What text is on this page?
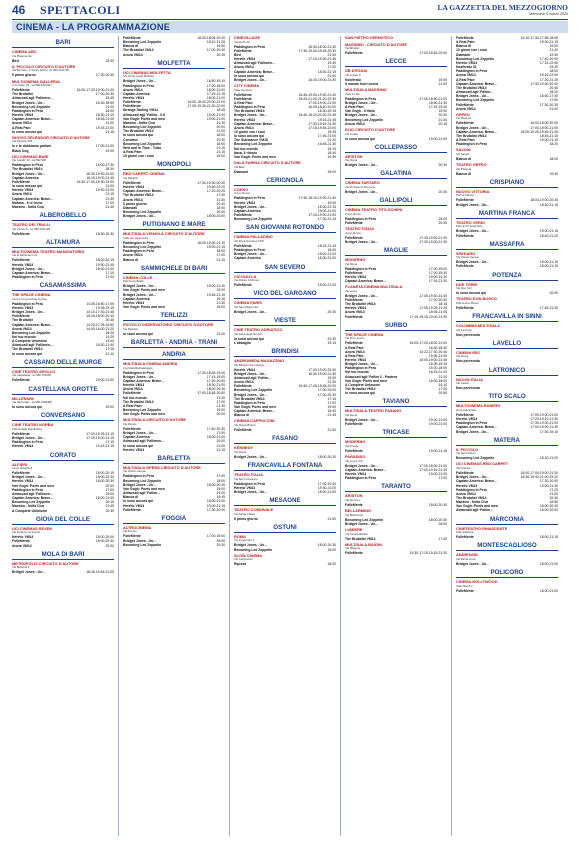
46 SPETTACOLI	LA GAZZETTA DEL MEZZOGIORNO
Mercoledì 5 marzo 2025
CINEMA - LA PROGRAMMAZIONE
BARI
CINEMA ABC
Via Pitagora 4/e
Bird	18:30
IL PICCOLO CIRCUITO D'AUTORE
Via Bozzano, 6 Santo Spirito, tel 080.4311700
Il primo giorno	17:30-20:30
MULTICINEMA GALLERIA
C.so Italia, 15 - tel 080.5241427
FolleMente	16:00-17:30-19:00-21:00
The Brutalist	17:00-20:30
Attraccati agli 'Fallimen...	15:45
Bridget Jones - Un...	16:30-18:55
Becoming Led Zeppelin	21:00
Paddington in Perù	16:00
Heretic VM14	18:30-21:10
Captain America: Brave...	18:45-21:05
Anora VM14	21:00
A Real Pain	19:15-21:00
Io sono ancora qui	21:15
NUOVO SPLENDOR CIRCUITO D'AUTORE
Via Pasubio 186
Io e te dobbiamo parlare	17:00-21:00
Black Dog	19:00
UCI CINEMAS BARI
Via Gandhi 19 - tel 892.960
Paddington in Perù	16:00-17:30
The Brutalist VM14	18:30
Bridget Jones - Un...	16:30-19:30-22:00
Captain America	16:15-19:00-21:45
FolleMente	16:30-17:00-19:30-22:00
Io sono ancora qui	21:00
Heretic VM14	19:30-22:00
Anora VM14	21:15
Captain America: Brave...	21:30
Mufasa - Il re leone	17:00
Maestro - Nella Clue	21:45
ALBEROBELLO
TEATRO DEI TRULLI
Via Veneto 6 - tel 080.4321190
FolleMente	18:30-20:30
ALTAMURA
MULTICINEMA TEATRO MANGIATORDI
Via di Santeramo 15
FolleMente	18:00-20:15
Heretic VM14	19:30-21:45
Bridget Jones - Un...	18:30-21:00
Captain America: Brave...	17:15
Paddington in Perù	17:00
CASAMASSIMA
THE SPACE CINEMA
Centro commerciale Auchan
Paddington in Perù	14:35-16:50-17:05
Heretic VM14	19:35-22:15
Bridget Jones - Un...	14:10-17:30-21:45
FolleMente	15:15-18:00-20:40
The Brutalist	20:45
Captain America: Brave...	14:20-17:25-19:50
Anora VM14	14:00-16:00-21:20
Becoming Led Zeppelin	18:25
Nel tuo mondo	14:25
A Complete Unknown	14:00
Attraccati agli 'Fallimen...	18:30-21:40
The Brutalist VM14	17:15
Io sono ancora qui	21:10
CASSANO DELLE MURGE
CINE TEATRO APOLLO
Via Castellana - tel 080.764356
FolleMente	19:00-21:00
CASTELLANA GROTTE
MILLENIUM
Via Nazionale - tel 080.4968486
Io sono ancora qui	20:00
CONVERSANO
CINE TEATRO NORBA
Piazza della Repubblica
FolleMente	17:00-19:25-21:15
Bridget Jones - Un...	17:15-19:00-21:15
Paddington in Perù	17:15
Heretic VM14	19:15-21:15
CORATO
ALFIERI
Largo Abbazia 8
FolleMente	18:00-20:15
Bridget Jones - Un...	18:00-22:30
Heretic VM14	18:00-20:30
Van Gogh: Poets and men	20:00
Paddington in Perù	17:00
Attraccati agli 'Fallimen...	19:00
Captain America: Brave...	18:00-21:00
Becoming Led Zeppelin	20:15
Maestro - Nella Clue	21:45
A Complete Unknown	20:30
GIOIA DEL COLLE
UCI CINEMAS SEVEN
Via Federico di Svevia
Heretic VM14	18:00-20:00
FolleMente	18:00-20:30
Anora VM14	20:00
MOLA DI BARI
METROPOLIS CIRCUITO D'AUTORE
Via Baracca 8
Bridget Jones - Un...	18:45-19:45-21:05
FolleMente	16:30-18:05-20:40
Becoming Led Zeppelin	18:10-21:05
Bianca dl	19:50
The Brutalist VM14	17:00-20:40
Anora VM14	20:15
MOLFETTA
UCI CINEMAS MOLFETTA
SS 16 bis uscita Molfetta
Bridget Jones - Un...	16:50-19:15
Paddington in Perù	17:00-18:00
Anora VM14	18:00-21:00
Captain America	17:15-21:15
Heretic VM14	18:00-21:00
FolleMente	16:00-18:00-20:00-22:00
FolleMente	17:00-19:30-21:30-22:00
Strange Darling VM14	18:45
Attraccati agli 'Fallim.. V.O	19:00-21:00
Van Gogh: Poets and men	19:00-21:00
Maestro - Nella Clue	21:30
Becoming Led Zeppelin	20:00
The Brutalist VM14	21:00
Io sono ancora qui	18:00
Conclave	20:30
Becoming Led Zeppelin	18:00
Wed and in Time - Tutto	21:15
A Real Pain	21:15
10 giorni con i suoi	19:00
MONOPOLI
RED CARPET CINEMA
Via Rattazzi
FolleMente	17:30-19:30-20:30
Heretic VM14	19:40-22:20
Captain America: Brave...	17:10-20:25
The Brutalist VM14	17:40
Anora VM14	21:30
Il primo giorno	20:40
Diamanti	18:00
Becoming Led Zeppelin	20:00
Bridget Jones - Un...	18:00-20:00
PUTIGNANO E MARE
MULTISALA VIGNOLA CIRCUITO D'AUTORE
Viale dei Cappuccini
Paddington in Perù	18:00-19:30-21:15
Becoming Led Zeppelin	19:00-21:15
Paddington in Perù	18:00
Anora VM14	17:00
Bianca dl	21:15
SAMMICHELE DI BARI
CINEMA COLLE
Piazza Garibaldi
Bridget Jones - Un...	19:00-21:30
Van Gogh: Poets and men	19:00
Bridget Jones - Un...	19:45-21:15
Captain America	19:15
Heretic VM14	21:30
Van Gogh: Poets and men	19:00
TERLIZZI
PICCOLO OSSERVATORIO CIRCUITO D'AUTORE
Via Pasubio
Io sono ancora qui	21:00
BARLETTA - ANDRIA - TRANI
ANDRIA
MULTISALA CINEMA ANDRIA
Contrada Barbadangelo
Paddington in Perù	17:30-18:45-19:00
Bridget Jones - Un...	17:15-19:00
Captain America: Brave...	17:30-20:00
Heretic VM14	18:30-21:00
Anora VM14	18:00-20:30
FolleMente	17:00-18:45-20:00
Nel tuo mondo	17:30
The Brutalist VM14	17:00
A Real Pain	21:30
Becoming Led Zeppelin	19:00
Van Gogh: Poets and men	20:00
MULTISALA CIRCUITO D'AUTORE
Via Rovigo
FolleMente	17:40-20:30
Bridget Jones - Un...	17:00
Captain America	18:00-21:00
Attraccati agli 'Fallimen...	20:00
Io sono ancora qui	21:00
Heretic VM14	21:15
BARLETTA
MULTISALA OPERA CIRCUITO D'AUTORE
Via Vittorio Veneto
Paddington in Perù	17:00
Becoming Led Zeppelin	18:00
Bridget Jones - Un...	18:00-20:30
Van Gogh: Poets and men	19:00
Attraccati agli 'Fallim...	21:00
Bianca dl	19:45
Io sono ancora qui	18:30-21:00
Heretic VM14	19:00-21:15
FolleMente	17:30-20:00
FOGGIA
ALTROCINEMA
Via Duomo
FolleMente	17:00-19:00
Bridget Jones - Un...	18:00
Becoming Led Zeppelin	20:30
CINEVILLAGE
Via del Porto
Paddington in Perù	16:30-18:30-21:30
FolleMente	17:30-19:40-19:45-20:30
Bird	21:30
Heretic VM14	17:15-19:30-21:45
Attraccati agli 'Fallimen...	19:30
Anora VM14	17:00
Captain America: Brave...	18:30-21:15
Io sono ancora qui	21:00
Bridget Jones - Un...	16:30-19:00-21:30
CITY CINEMA
Viale Kennedy
FolleMente	16:45-19:00-19:30-21:40
FolleMente	18:20-21:00-21:20-22:30
A Real Pain	17:00-19:00-21:00
Paddington in Perù	16:30-18:40-20:00
The Brutalist VM14	16:30-20:15
Bridget Jones - Un...	16:40-18:10-20:20-21:45
Heretic VM14	19:15-21:45
Captain America: Brave...	17:30-19:15-21:30
Anora VM14	17:15-19:45-22:00
10 giorni con i suoi	19:45
Io sono ancora qui	17:45-21:00
The Substance VM18	21:20
Becoming Led Zeppelin	16:45-21:30
Nel tuo mondo	18:15
Itaca. Il ritorno	18:40
Van Gogh: Poets and men	19:30
SALA FARINA CIRCUITO D'AUTORE
Via Baffi
Diamanti	19:00
CERIGNOLA
CORSO
Corso Roma
Paddington in Perù	17:30-18:15-19:30-21:30
Heretic VM14	19:00
Bridget Jones - Un...	18:30-21:15
Captain America	19:00-21:00
FolleMente	17:15-19:00-21:00
Becoming Led Zeppelin	17:30-21:15
SAN GIOVANNI ROTONDO
CINEMA PALLADINO
Via Papa Giovanni XXIII
FolleMente	18:15-21:15
Paddington in Perù	18:40
Bridget Jones - Un...	18:00-21:00
Captain America	18:30-21:00
SAN SEVERO
CICOLELLA
Via Filippo d'Alfonso
FolleMente	19:00-21:00
VICO DEL GARGANO
CINEMA PARIS
Via San Filippo Neri
Bridget Jones - Un...	20:30
VIESTE
CINE TEATRO ADRIATICO
Via Duca degli Abruzzi
Io sono ancora qui	20:30
L'abbaglio	19:15
BRINDISI
ANDROMEDA MAGAZZINO
Via Bastioni San Giorgio
Heretic VM14	17:00-19:20-22:00
Bridget Jones - Un...	16:30-19:00-21:30
Attraccati agli 'Fallim...	19:30
Anora VM14	21:30
FolleMente	16:40-17:45-18:45-20:00
Becoming Led Zeppelin	17:00-20:00
Bridget Jones - Un...	17:30-20:30
The Brutalist VM14	17:15
Paddington in Perù	17:00
Van Gogh: Poets and men	19:00
Captain America: Brave...	18:30
Bianca dl	21:45
CINEMA CAPPUCCINI
Via Nicola Brandi
FolleMente	21:00
FASANO
KENNEDY
Via Roma
Bridget Jones - Un...	18:00-20:30
FRANCAVILLA FONTANA
TEATRO ITALIA
Via San Francesco
Paddington in Perù	17:00-19:30
Heretic VM14	19:30-21:00
Bridget Jones - Un...	18:00-21:00
MESAGNE
TEATRO COMUNALE
Via Santa Chiara
Il primo giorno	21:00
OSTUNI
ROMA
Via Fogazzaro 1
Bridget Jones - Un...	18:00-20:30
Becoming Led Zeppelin	19:00
SLOW CINEMA
Via Cappuccini
Ripresa	18:00
SAN PIETRO VERNOTICO
MASSIMO - CIRCUITO D'AUTORE
Via Brindisi
FolleMente	17:00-18:45-20:00
LECCE
DB D'ESSAI
Via Lupiae 8
Nosferatu	19:00
Il mondo fuori scena	21:00
MULTISALA MASSIMO
Viale Lo Re
Paddington in Perù	17:00-18:50-21:00
Bridget Jones - Un...	18:40-21:30
A Real Pain	17:15-19:40
Van Gogh - Il titolo	19:00
Bridget Jones - Un...	20:30
Becoming Led Zeppelin	21:30
Anora VM14	20:15
ELIO CIRCUITO D'AUTORE
Via Lupiae
Io sono ancora qui	19:00-21:00
COLLEPASSO
ARISTON
Via Roma
Bridget Jones - Un...	20:30
GALATINA
CINEMA TARTARO
Via Principe di Piemonte
Bridget Jones - Un...	20:30
GALLIPOLI
CINEMA TEATRO TITO SCHIPA
Corso Roma
Paddington in Perù	18:00
FolleMente	20:30
TEATRO ITALIA
Corso Roma
FolleMente	17:30-19:30-21:30
Bridget Jones - Un...	17:30-19:30-21:30
MAGLIE
MODERNO
Via Roma
Paddington in Perù	17:00-19:00
FolleMente	17:00-19:30
Heretic VM14	19:00-21:30
Captain America: Brave...	17:15-21:30
PLANETA CINEMA MULTISALA
Via Lecce
Bridget Jones - Un...	17:30-19:30-21:40
FolleMente	17:00-20:30
The Brutalist VM14	18:15
Heretic VM14	17:05-19:25-21:25
Anora VM14	18:05-21:05
FolleMente	17:15-19:15-20:00-21:30
SURBO
THE SPACE CINEMA
Via Prov. Lecce
FolleMente	16:00-17:00-18:00-21:00
A Real Pain	16:30-18:40
Anora VM14	14:22-17:30-20:40
A Real Pain	15:35-21:05
Heretic VM14	15:00-19:00-21:45
Bridget Jones - Un...	16:05-19:15
Paddington in Perù	15:20-18:00
Nel tuo mondo	16:15-21:20
Attraccati agli 'Fallim 2 - Pantera	21:20
Van Gogh: Poets and men	16:00-18:00
A Complete Unknown	14:10
The Brutalist VM14	17:30
Io sono ancora qui	20:55
TAVIANO
MULTISALA TEATRO FASANO
Via Roma
Bridget Jones - Un...	19:00-21:00
FolleMente	19:00-21:00
TRICASE
MODERNO
Via Trieste
FolleMente	19:00-21:15
PARADISO
Via Leone XIII
Bridget Jones - Un...	17:00-18:30-21:00
Captain America: Brave...	17:00-19:15-21:30
Heretic VM14	19:00-21:00
Paddington in Perù	17:00
TARANTO
ARISTON
Via Abruzzo
FolleMente	18:00-20:30
BELLARMINO
Via Bellarmino
Becoming Led Zeppelin	18:00-20:30
Bridget Jones - Un...	18:00
LUMIERE
Via Cesare Battisti
The Brutalist VM14	17:30
MULTISALA BAIONI
Via Pitagora
FolleMente	15:30-17:15-19:15-21:30
FolleMente	16:10-17:30-17:55-18:05
A Real Pain	19:30-21:15
Bianca dl	19:00
10 giorni con i suoi	21:40
Diamanti	19:30
Becoming Led Zeppelin	17:40-20:00
Heretic VM14	17:15-22:40
Nosferatu 32	19:20
Paddington in Perù	18:00
Anora VM14	15:15-22:00
A Real Pain	17:20-21:25
Captain America: Brave...	17:30-19:30-20:00
The Brutalist VM14	20:45
Attraccati agli 'Fallim...	18:20
Bridget Jones - Un...	16:50-17:30
Becoming Led Zeppelin	17:50
FolleMente	17:30-20:30
Anora VM14	21:00
ORFEO
Via Pitagora
FolleMente	16:00-18:00-20:00
Bridget Jones - Un...	17:00-19:00-21:00
Captain America: Brave...	18:00-19:25-19:45-21:45
The Brutalist VM14	18:45-21:15
A Real Pain	19:00-21:15
Paddington in Perù	18:20
SAVOIA
Via Savoia
Bianca dl	18:00
TEATRO ORFEO
Via Pitagora
Bianca dl	19:30
CRISPIANO
NUOVO VITTORIA
Piazza Vittoria
FolleMente	18:00-19:00-20:30
Bridget Jones - Un...	18:30-21:15
MARTINA FRANCA
TEATRO VERDI
Piazza XX Settembre
Bridget Jones - Un...	19:00-21:15
FolleMente	18:40-21:20
MASSAFRA
SPADARO
Via Vittorio Veneto
Bridget Jones - Un...	19:00-21:15
FolleMente	18:00-21:15
POTENZA
DUE TORRI
Via Due Torri
Io sono ancora qui	20:00
TEATRO DON BOSCO
Piazza Don Bosco
FolleMente	17:45-21:30
FRANCAVILLA IN SINNI
COLUMBIA MULTISALA
Via Kennedy
Non pervenuto
LAVELLO
CINEMA IRIS
Via Roma
Non pervenuto
LATRONICO
NUOVA ITALIA
Via Lauria
Non pervenuto
TITO SCALO
MULTICINEMA RANIERI
Zona Industriale
FolleMente	17:00-19:00-21:00
Heretic VM14	17:20-19:10-21:30
Paddington in Perù	17:30-19:00-21:00
Captain America: Brave...	17:00-19:00-21:30
Bridget Jones - Un...	17:30-19:15
MATERA
IL PICCOLO
Via Sette Dolori
Becoming Led Zeppelin	18:30-21:00
UCI CINEMAS RED CARPET
Via Gravina
FolleMente	16:00-17:00-19:00-21:30
Bridget Jones - Un...	18:30-19:40-21:00-22:20
Captain America: Brave...	17:30-20:00
Heretic VM14	19:00-21:40
Paddington in Perù	17:20
Anora VM14	21:00
The Brutalist VM14	20:40
Maestro - Nella Clue	18:50
Van Gogh: Poets and men	18:00-20:30
Attraccati agli 'Fallim...	18:00-20:00
MARCONIA
CINETEATRO RINASCENTE
Piazza Elettra
FolleMente	18:00-21:15
MONTESCAGLIOSO
ANDRISANI
Via Santa Lucia
Bridget Jones - Un...	18:00-21:00
POLICORO
CINEMA HOLLYWOOD
Viale Mazzini
FolleMente	18:00-21:00
